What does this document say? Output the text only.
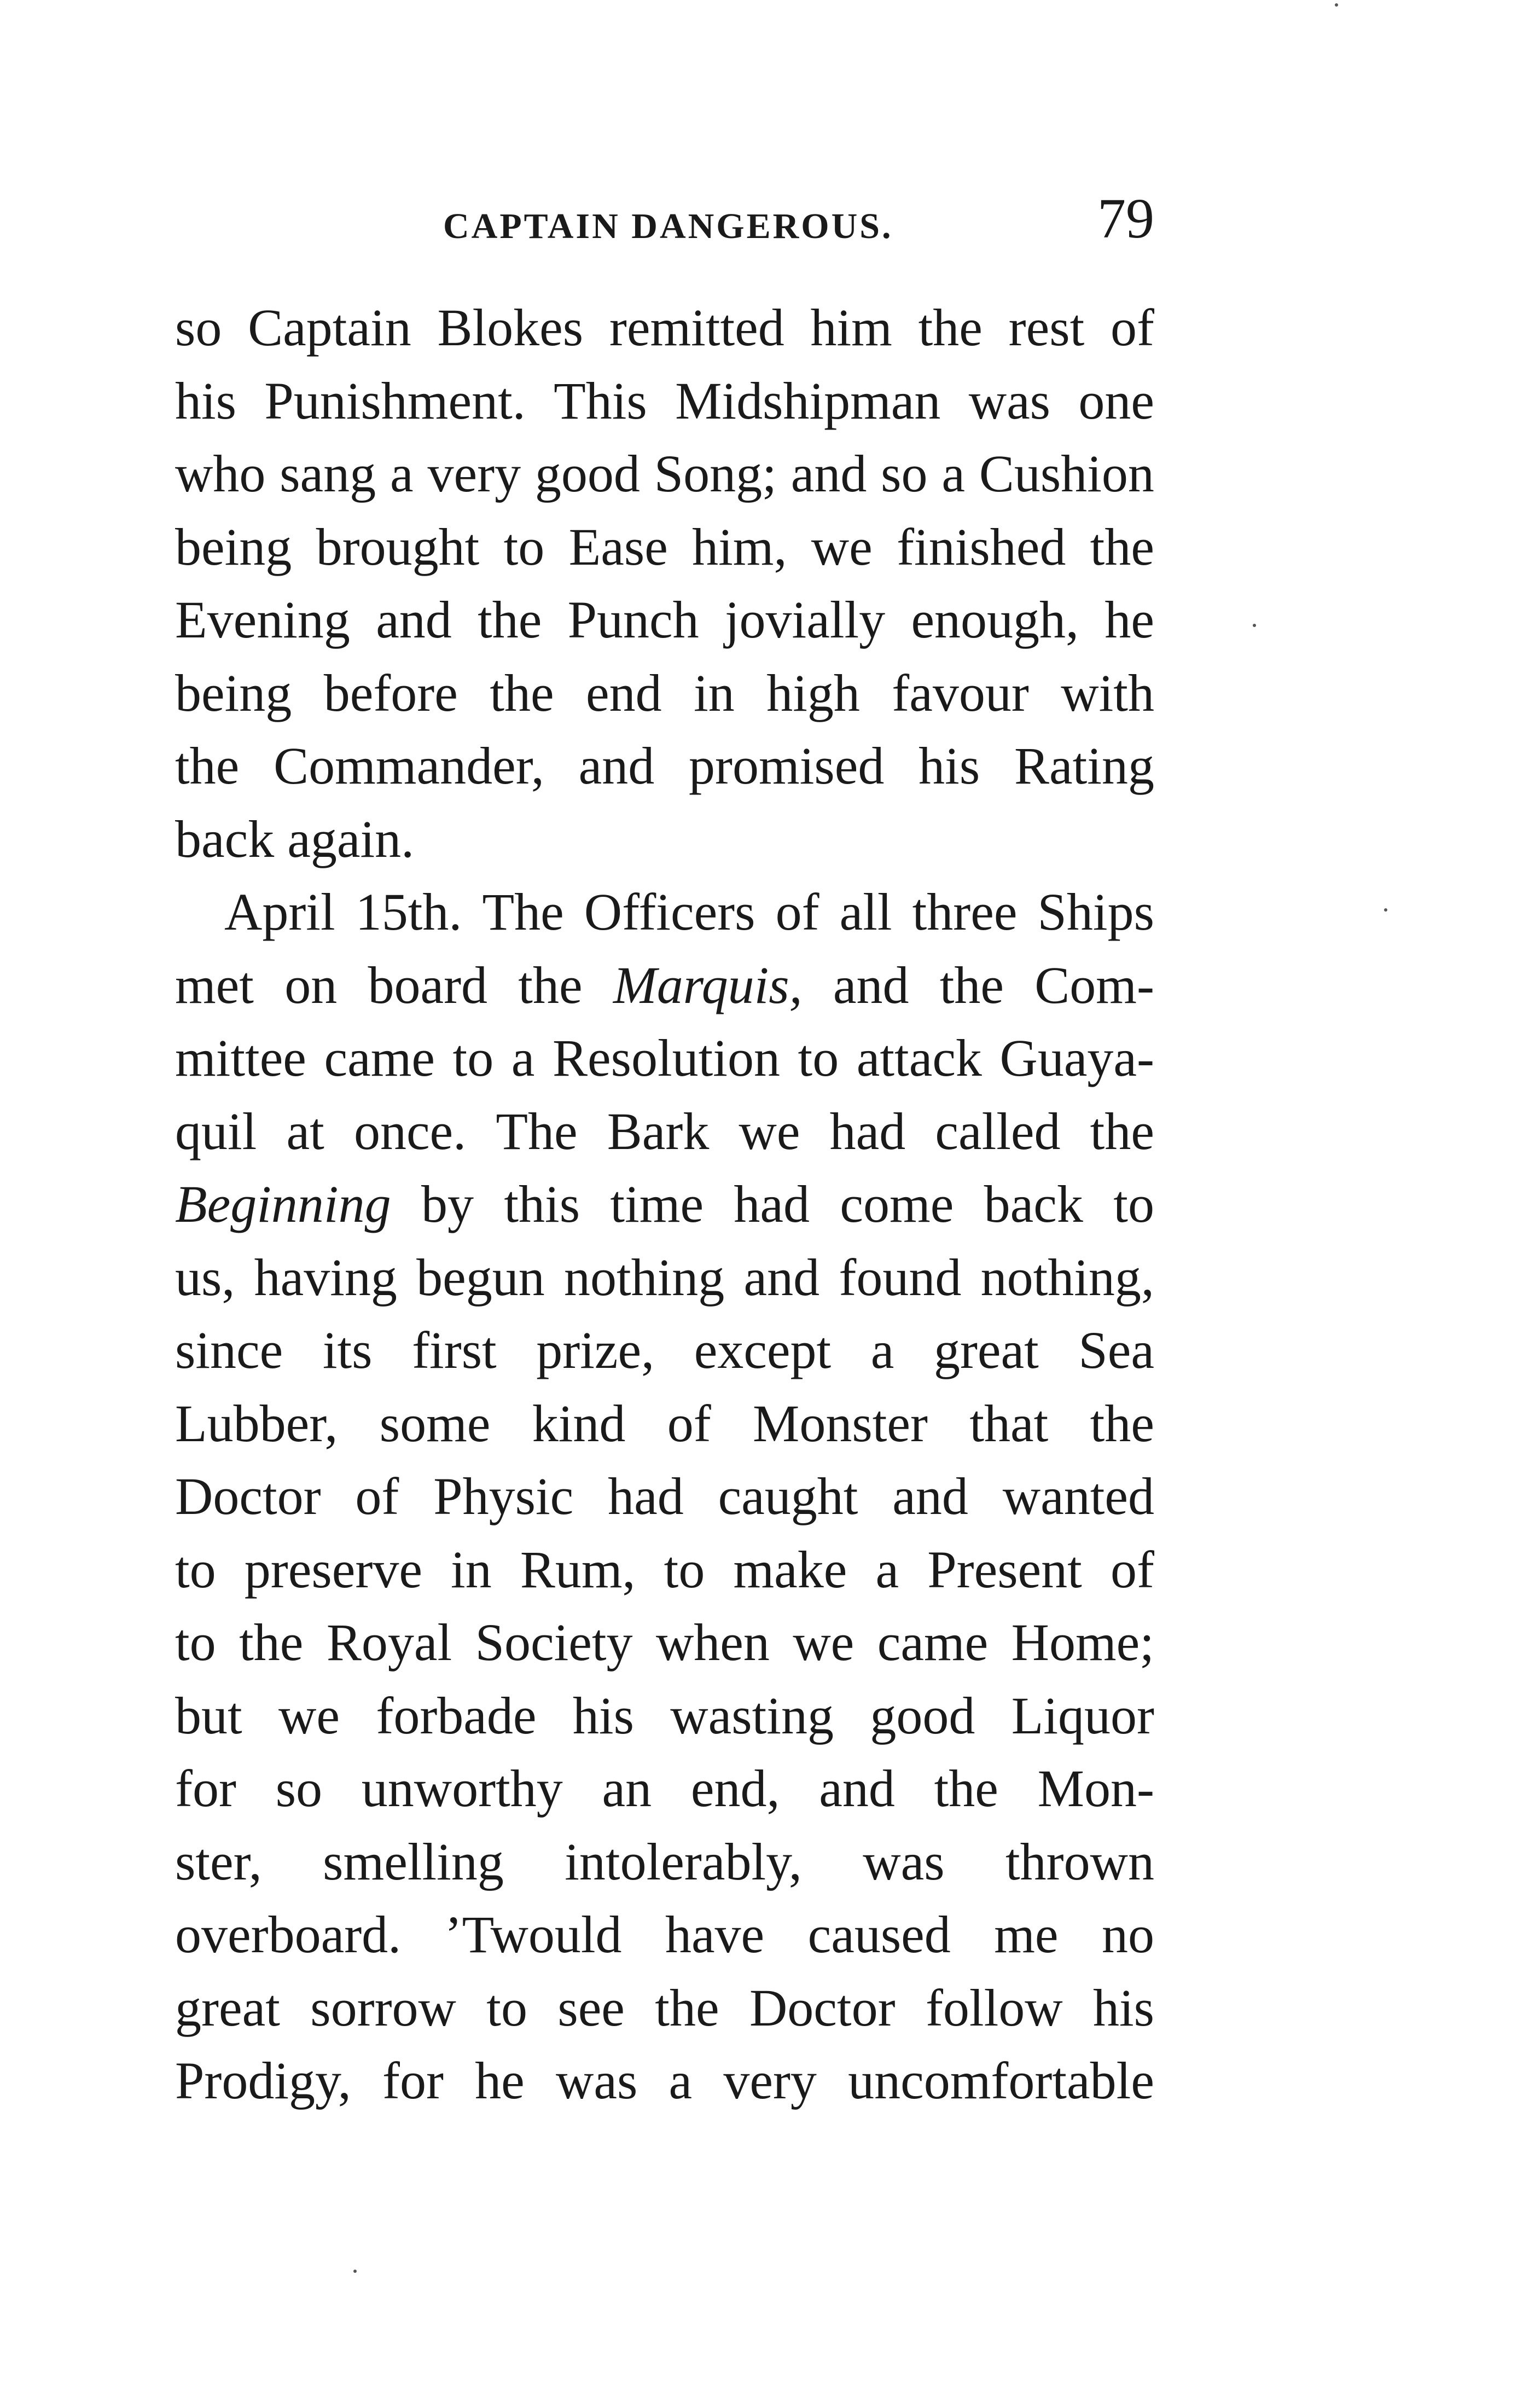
CAPTAIN DANGEROUS.	79
so Captain Blokes remitted him the rest of
his Punishment. This Midshipman was one
who sang a very good Song; and so a Cushion
being brought to Ease him, we finished the
Evening and the Punch jovially enough, he
being before the end in high favour with
the Commander, and promised his Rating
back
again.
April 15th. The Officers of all three Ships
met on board the Marquis, and the Com-
mittee came to a Resolution to attack Guaya-
quil at once. The Bark we had called the
Beginning by this time had come back to
us, having begun nothing and found nothing,
since its first prize, except a great Sea
Lubber, some kind of Monster that the
Doctor of Physic had caught and wanted
to preserve in Rum, to make a Present of
to the Royal Society when we came Home;
but we forbade his wasting good Liquor
for so unworthy an end, and the Mon-
ster, smelling intolerably, was thrown
overboard. ’Twould have caused me no
great sorrow to see the Doctor follow his
Prodigy, for he was a very uncomfortable
